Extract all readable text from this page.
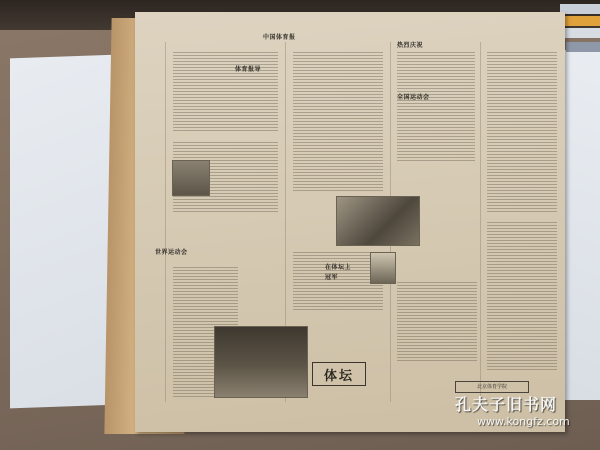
中国体育报
热烈庆祝
体育报导
世界运动会
在体坛上
冠军
全国运动会
体坛
北京体育学院
孔夫子旧书网
www.kongfz.com
